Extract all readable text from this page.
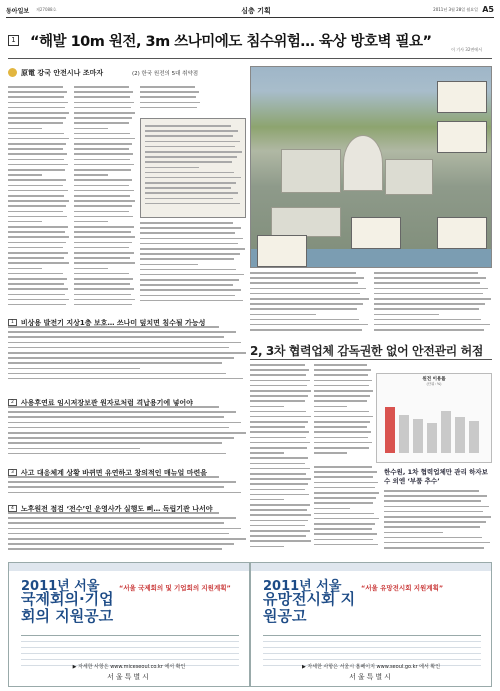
동아일보 제27088호	심층 기획	2011년 3월 28일 월요일 A5
1 “해발 10m 원전, 3m 쓰나미에도 침수위험… 육상 방호벽 필요”	이 기사 32면에서
原電 강국 안전시나 조마자	(2) 한국 원전의 5대 취약점
1 비상용 발전기 지상1층 보호… 쓰나미 덮치면 침수될 가능성
2 사용후연료 임시저장보관 원자로처럼 격납용기에 넣어야
3 사고 대응체계 상황 바뀌면 유연하고 창의적인 매뉴얼 마련을
4 노후원전 점검 ‘전수’인 운영사가 실행도 뻐… 독립기관 나서야
2, 3차 협력업체 감독권한 없어 안전관리 허점
원전 이용률
(단위: %)
한수원, 1차 협력업체만 관리 하자보수 외엔 ‘부품 추수’
2011년 서울
국제회의·기업회의 지원공고
“서울 국제회의 및 기업회의 지원계획”
▶ 자세한 사항은 www.miceseoul.co.kr 에서 확인
서울특별시
2011년 서울
유망전시회 지원공고
“서울 유망전시회 지원계획”
▶ 자세한 사항은 서울시 홈페이지 www.seoul.go.kr 에서 확인
서울특별시
